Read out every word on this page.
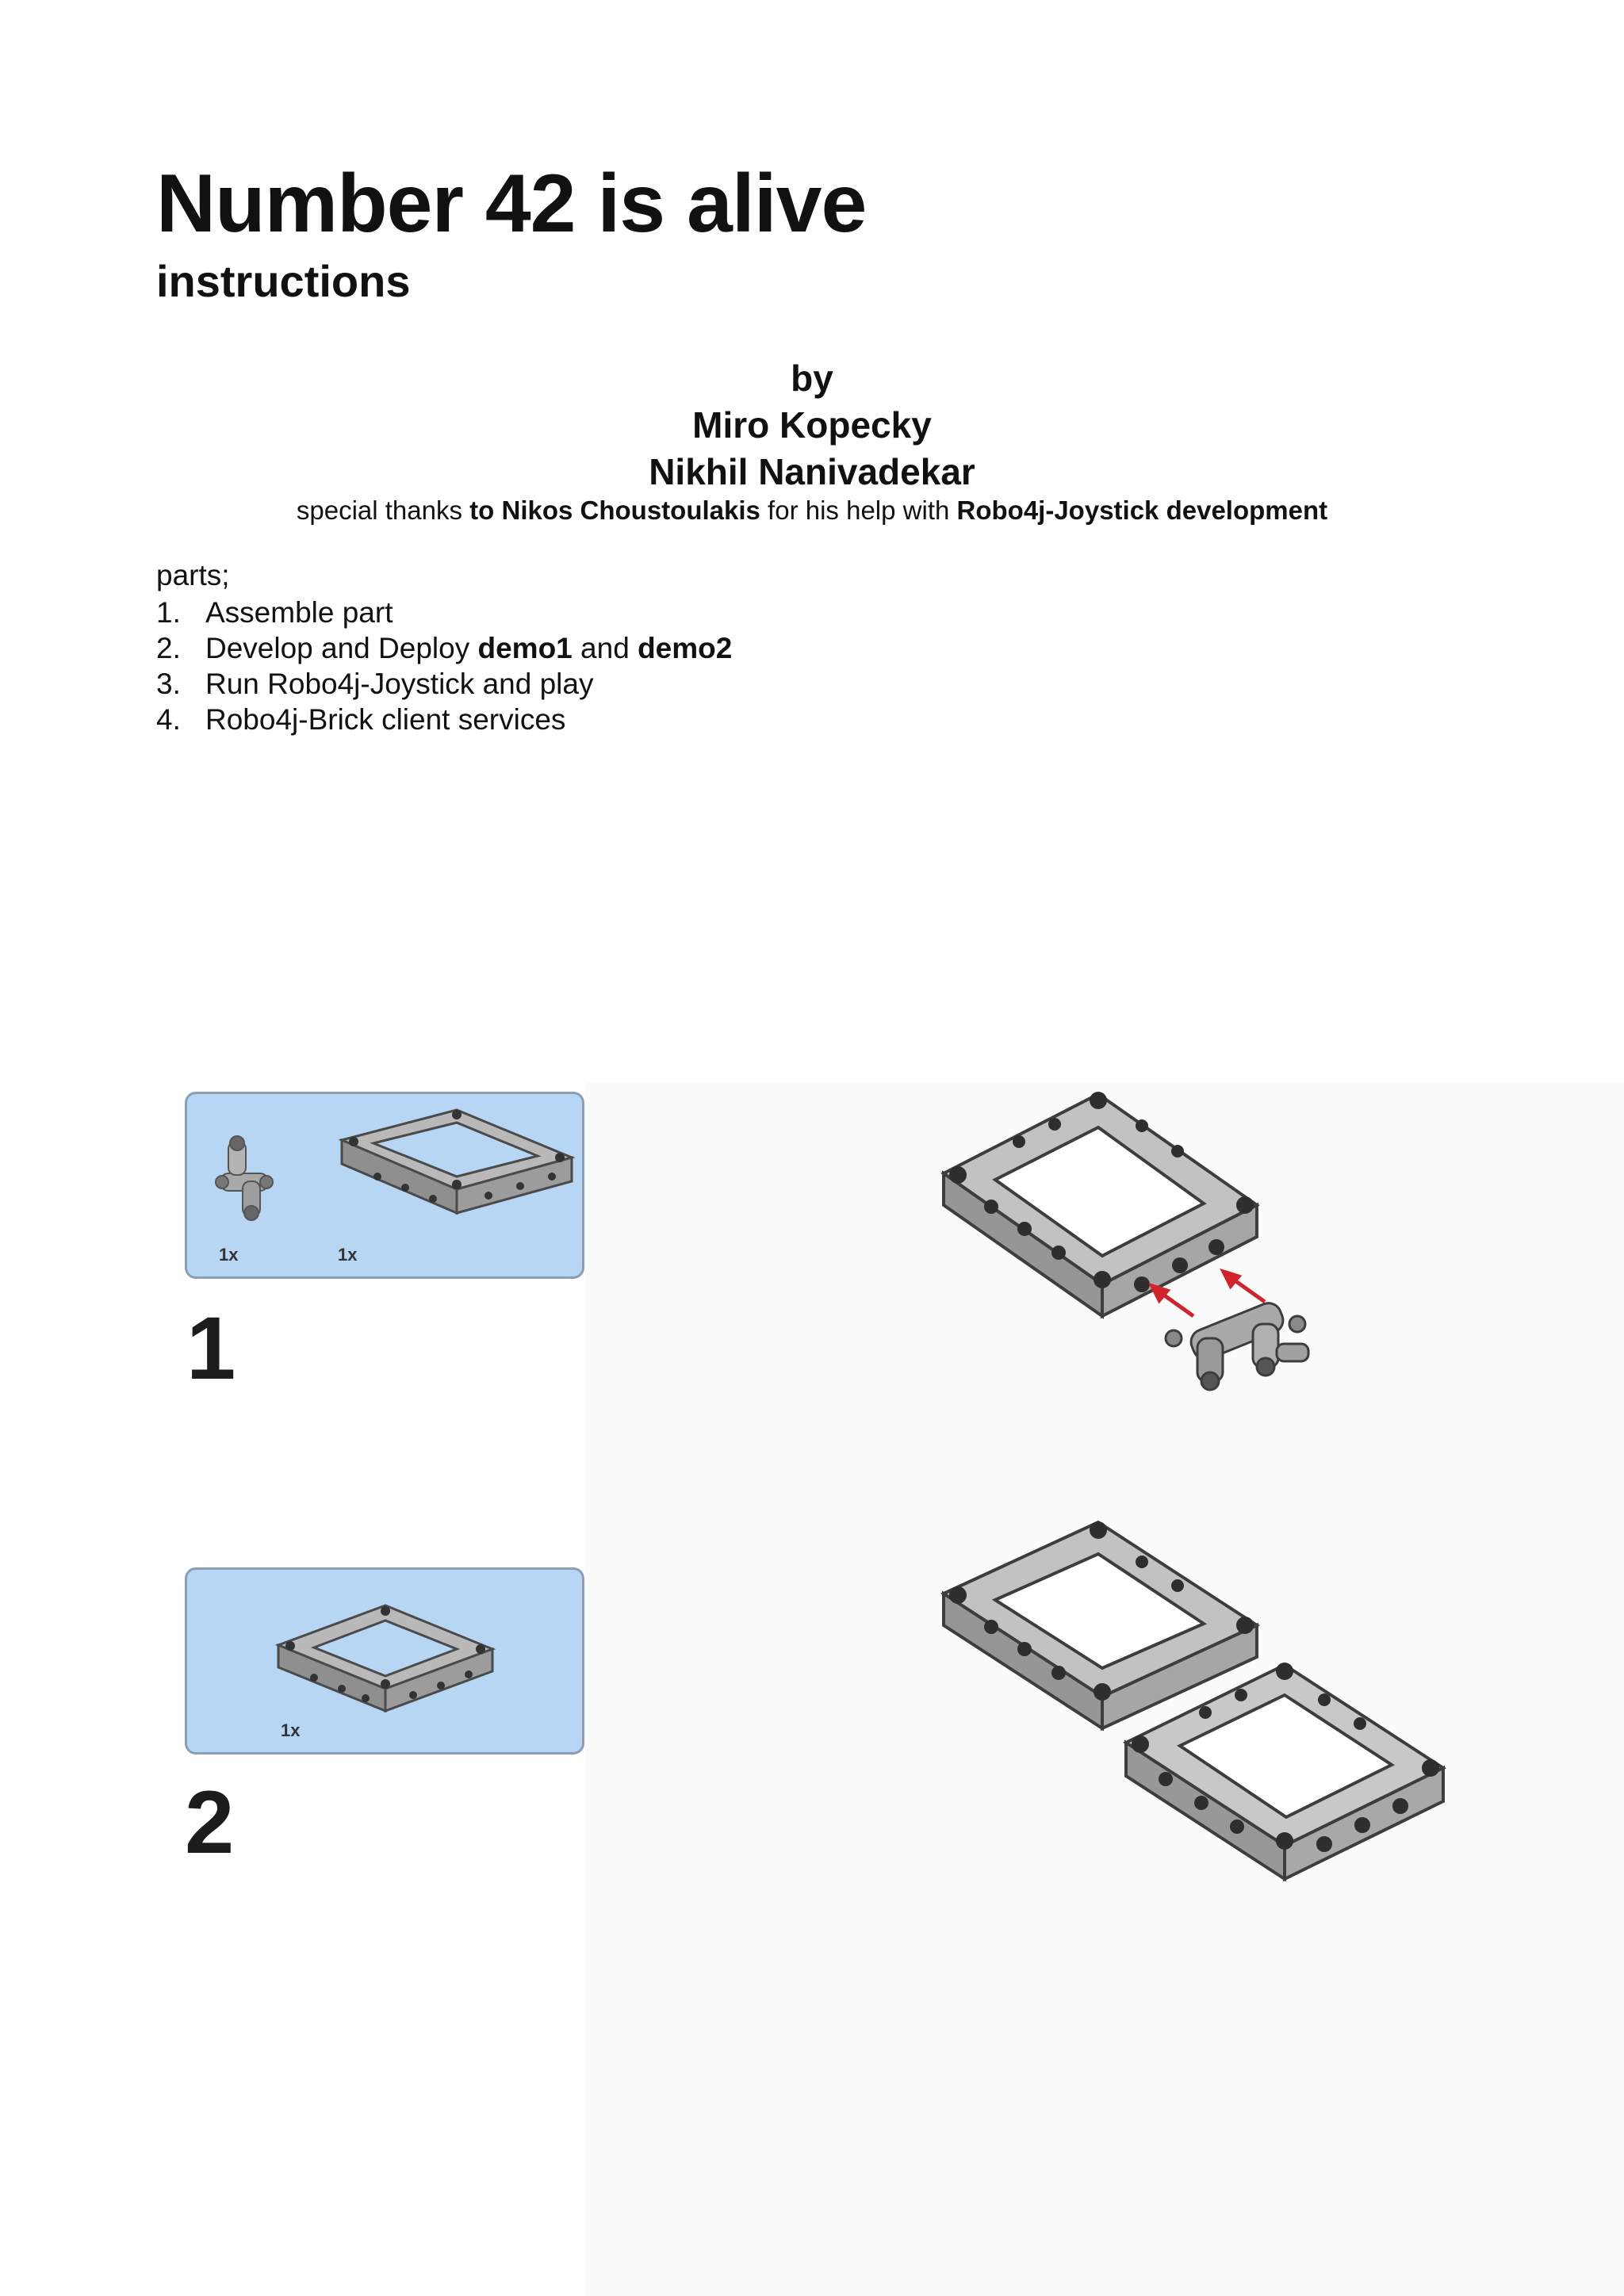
Number 42 is alive
instructions
by
Miro Kopecky
Nikhil Nanivadekar
special thanks to Nikos Choustoulakis for his help with Robo4j-Joystick development
parts;
1. Assemble part
2. Develop and Deploy demo1 and demo2
3. Run Robo4j-Joystick and play
4. Robo4j-Brick client services
1x	1x
1
1x
2
